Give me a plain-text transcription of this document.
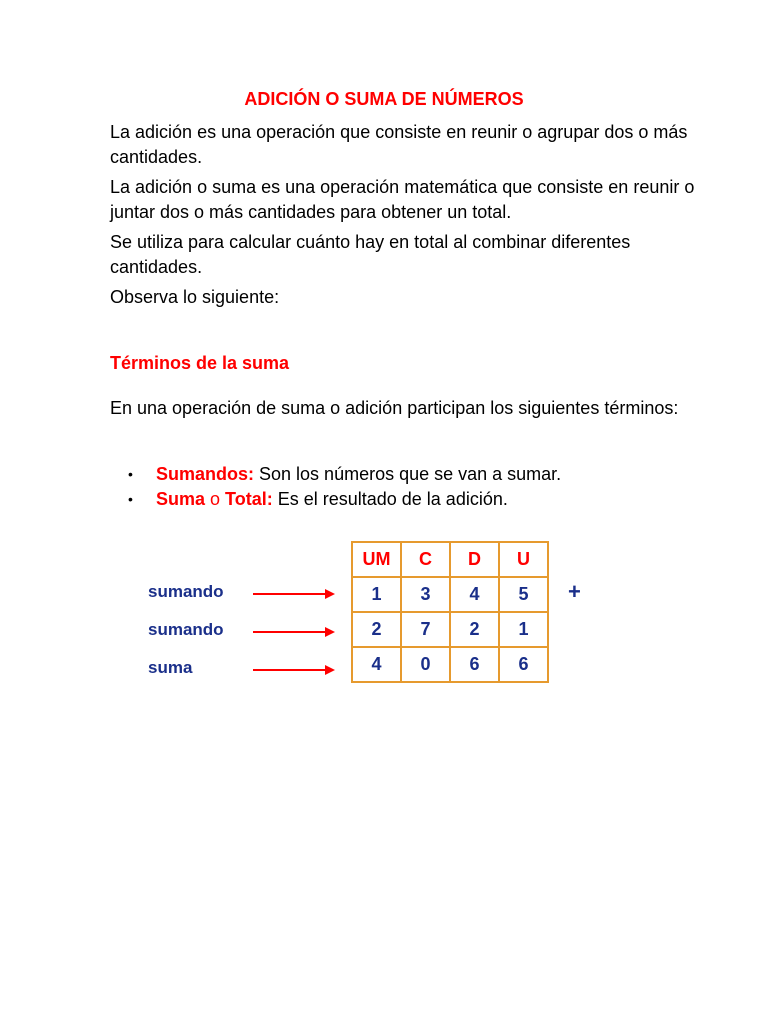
ADICIÓN O SUMA DE NÚMEROS

La adición es una operación que consiste en reunir o agrupar dos o más cantidades.

La adición o suma es una operación matemática que consiste en reunir o juntar dos o más cantidades para obtener un total.

Se utiliza para calcular cuánto hay en total al combinar diferentes cantidades.

Observa lo siguiente:

Términos de la suma

En una operación de suma o adición participan los siguientes términos:

• Sumandos: Son los números que se van a sumar.
• Suma o Total: Es el resultado de la adición.
sumando
sumando
suma
UM	C	D	U
1	3	4	5
2	7	2	1
4	0	6	6
+
